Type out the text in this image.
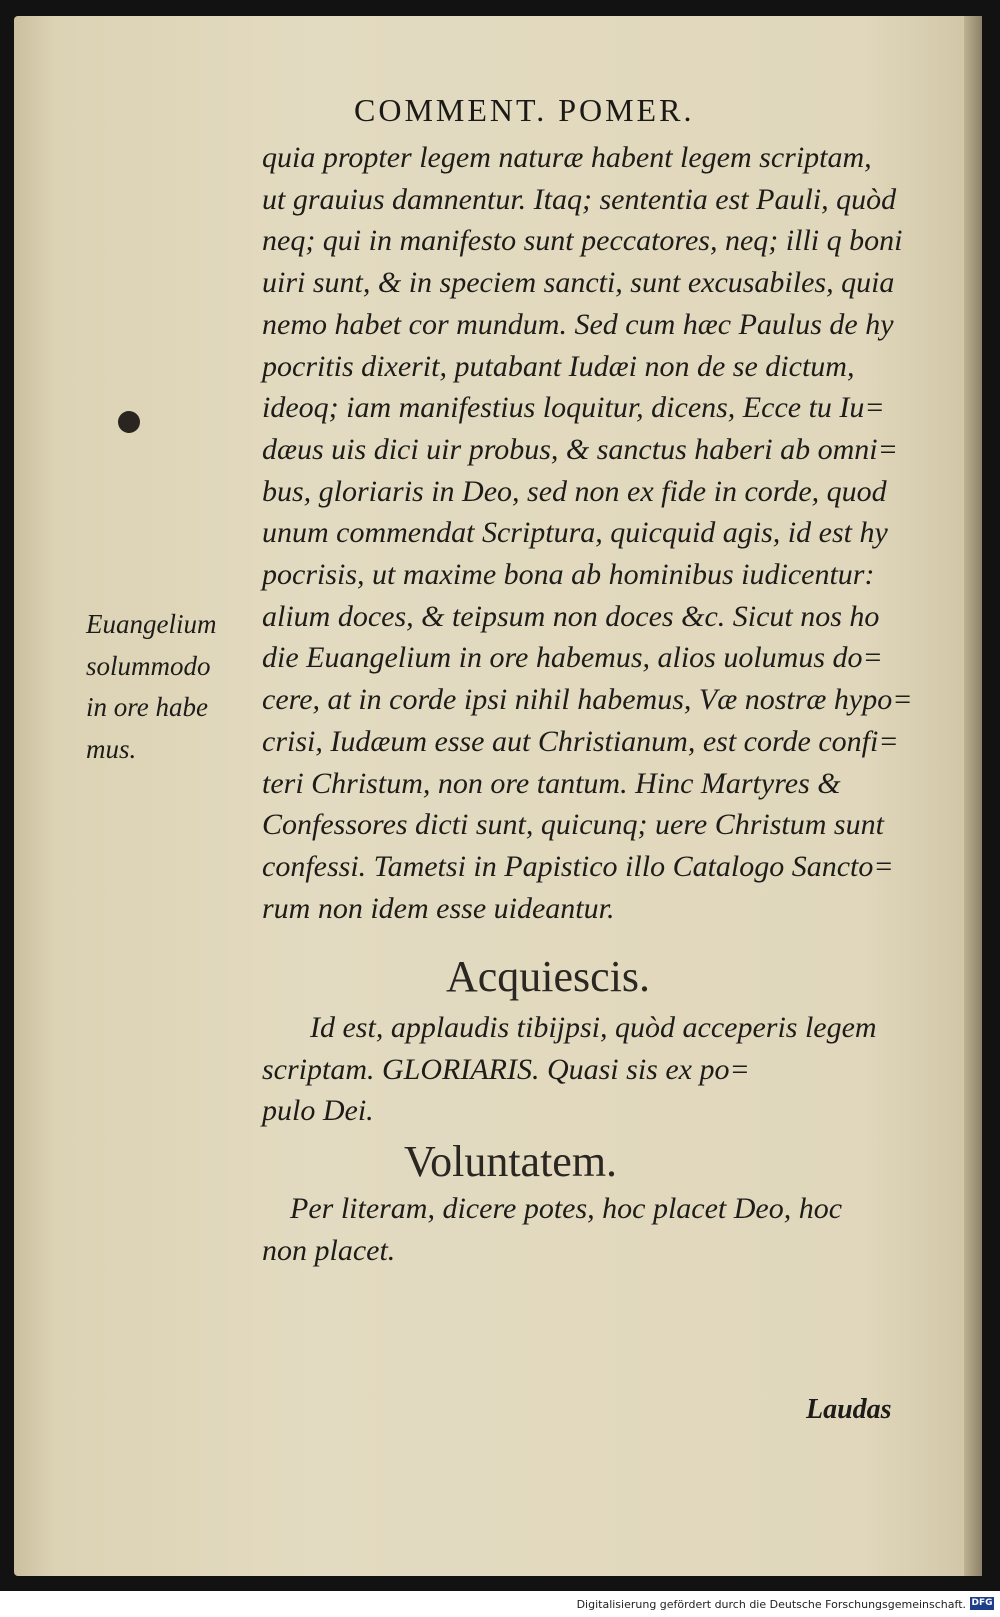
COMMENT. POMER.
quia propter legem naturæ habent legem scriptam,
ut grauius damnentur. Itaq; sententia est Pauli, quòd
neq; qui in manifesto sunt peccatores, neq; illi q boni
uiri sunt, & in speciem sancti, sunt excusabiles, quia
nemo habet cor mundum. Sed cum hæc Paulus de hy
pocritis dixerit, putabant Iudæi non de se dictum,
ideoq; iam manifestius loquitur, dicens, Ecce tu Iu=
dæus uis dici uir probus, & sanctus haberi ab omni=
bus, gloriaris in Deo, sed non ex fide in corde, quod
unum commendat Scriptura, quicquid agis, id est hy
pocrisis, ut maxime bona ab hominibus iudicentur:
alium doces, & teipsum non doces &c. Sicut nos ho
die Euangelium in ore habemus, alios uolumus do=
cere, at in corde ipsi nihil habemus, Væ nostræ hypo=
crisi, Iudæum esse aut Christianum, est corde confi=
teri Christum, non ore tantum. Hinc Martyres &
Confessores dicti sunt, quicunq; uere Christum sunt
confessi. Tametsi in Papistico illo Catalogo Sancto=
rum non idem esse uideantur.
Euangelium
solummodo
in ore habe
mus.
Acquiescis.
Id est, applaudis tibijpsi, quòd acceperis legem
scriptam. GLORIARIS. Quasi sis ex po=
pulo Dei.
Voluntatem.
Per literam, dicere potes, hoc placet Deo, hoc
non placet.
Laudas
Digitalisierung gefördert durch die Deutsche Forschungsgemeinschaft. DFG
